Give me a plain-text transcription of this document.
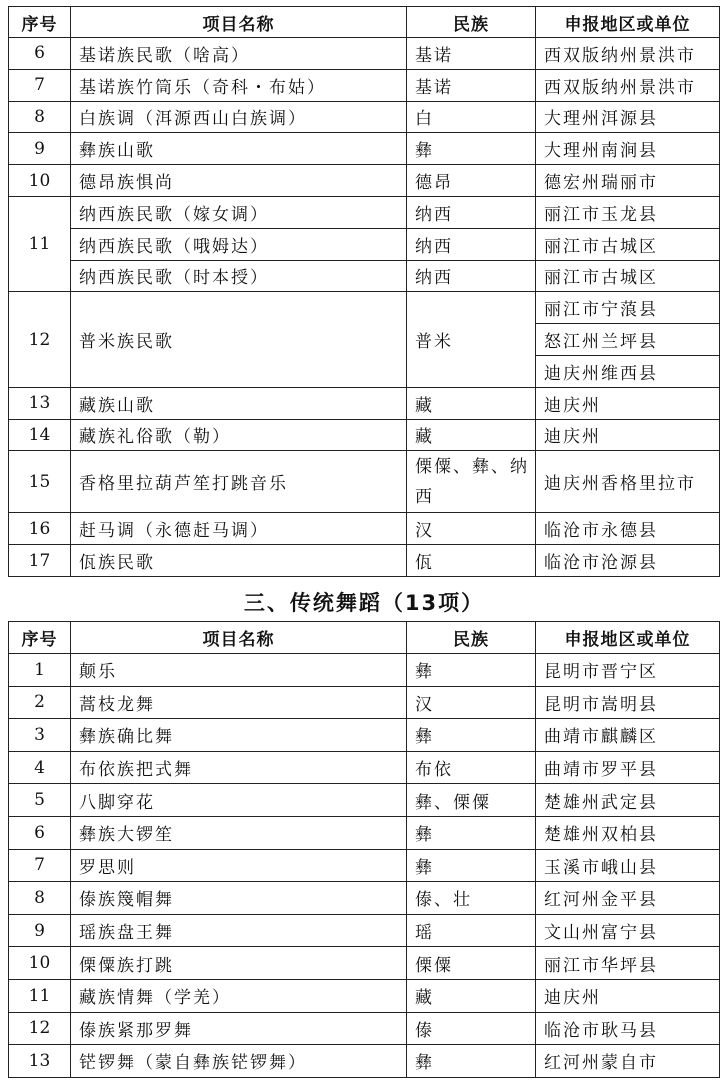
序号	项目名称	民族	申报地区或单位
6	基诺族民歌（啥高）	基诺	西双版纳州景洪市
7	基诺族竹筒乐（奇科・布姑）	基诺	西双版纳州景洪市
8	白族调（洱源西山白族调）	白	大理州洱源县
9	彝族山歌	彝	大理州南涧县
10	德昂族惧尚	德昂	德宏州瑞丽市
11	纳西族民歌（嫁女调）	纳西	丽江市玉龙县
	纳西族民歌（哦姆达）	纳西	丽江市古城区
	纳西族民歌（时本授）	纳西	丽江市古城区
12	普米族民歌	普米	丽江市宁蒗县
			怒江州兰坪县
			迪庆州维西县
13	藏族山歌	藏	迪庆州
14	藏族礼俗歌（勒）	藏	迪庆州
15	香格里拉葫芦笙打跳音乐	傈僳、彝、纳西	迪庆州香格里拉市
16	赶马调（永德赶马调）	汉	临沧市永德县
17	佤族民歌	佤	临沧市沧源县
三、传统舞蹈（13项）
序号	项目名称	民族	申报地区或单位
1	颠乐	彝	昆明市晋宁区
2	蒿枝龙舞	汉	昆明市嵩明县
3	彝族确比舞	彝	曲靖市麒麟区
4	布依族把式舞	布依	曲靖市罗平县
5	八脚穿花	彝、傈僳	楚雄州武定县
6	彝族大锣笙	彝	楚雄州双柏县
7	罗思则	彝	玉溪市峨山县
8	傣族篾帽舞	傣、壮	红河州金平县
9	瑶族盘王舞	瑶	文山州富宁县
10	傈僳族打跳	傈僳	丽江市华坪县
11	藏族情舞（学羌）	藏	迪庆州
12	傣族紧那罗舞	傣	临沧市耿马县
13	铓锣舞（蒙自彝族铓锣舞）	彝	红河州蒙自市
